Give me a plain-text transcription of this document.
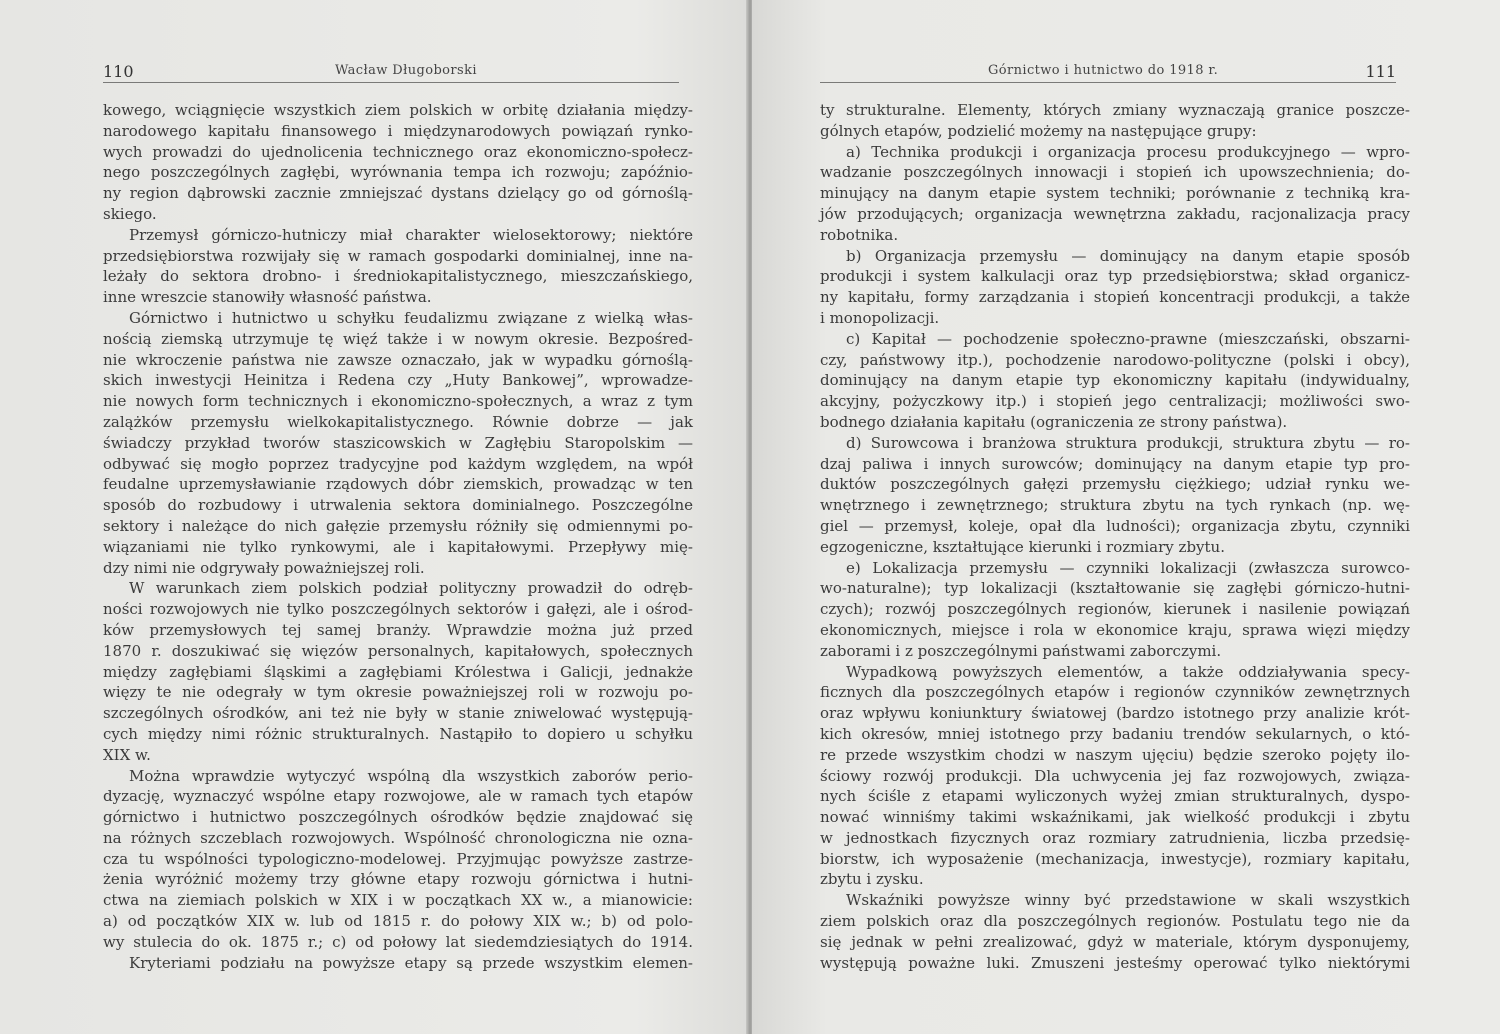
110	Wacław Długoborski
kowego, wciągnięcie wszystkich ziem polskich w orbitę działania między-
narodowego kapitału finansowego i międzynarodowych powiązań rynko-
wych prowadzi do ujednolicenia technicznego oraz ekonomiczno-społecz-
nego poszczególnych zagłębi, wyrównania tempa ich rozwoju; zapóźnio-
ny region dąbrowski zacznie zmniejszać dystans dzielący go od górnoślą-
skiego.
Przemysł górniczo-hutniczy miał charakter wielosektorowy; niektóre
przedsiębiorstwa rozwijały się w ramach gospodarki dominialnej, inne na-
leżały do sektora drobno- i średniokapitalistycznego, mieszczańskiego,
inne wreszcie stanowiły własność państwa.
Górnictwo i hutnictwo u schyłku feudalizmu związane z wielką włas-
nością ziemską utrzymuje tę więź także i w nowym okresie. Bezpośred-
nie wkroczenie państwa nie zawsze oznaczało, jak w wypadku górnoślą-
skich inwestycji Heinitza i Redena czy „Huty Bankowej”, wprowadze-
nie nowych form technicznych i ekonomiczno-społecznych, a wraz z tym
zalążków przemysłu wielkokapitalistycznego. Równie dobrze — jak
świadczy przykład tworów staszicowskich w Zagłębiu Staropolskim —
odbywać się mogło poprzez tradycyjne pod każdym względem, na wpół
feudalne uprzemysławianie rządowych dóbr ziemskich, prowadząc w ten
sposób do rozbudowy i utrwalenia sektora dominialnego. Poszczególne
sektory i należące do nich gałęzie przemysłu różniły się odmiennymi po-
wiązaniami nie tylko rynkowymi, ale i kapitałowymi. Przepływy mię-
dzy nimi nie odgrywały poważniejszej roli.
W warunkach ziem polskich podział polityczny prowadził do odręb-
ności rozwojowych nie tylko poszczególnych sektorów i gałęzi, ale i ośrod-
ków przemysłowych tej samej branży. Wprawdzie można już przed
1870 r. doszukiwać się więzów personalnych, kapitałowych, społecznych
między zagłębiami śląskimi a zagłębiami Królestwa i Galicji, jednakże
więzy te nie odegrały w tym okresie poważniejszej roli w rozwoju po-
szczególnych ośrodków, ani też nie były w stanie zniwelować występują-
cych między nimi różnic strukturalnych. Nastąpiło to dopiero u schyłku
XIX w.
Można wprawdzie wytyczyć wspólną dla wszystkich zaborów perio-
dyzację, wyznaczyć wspólne etapy rozwojowe, ale w ramach tych etapów
górnictwo i hutnictwo poszczególnych ośrodków będzie znajdować się
na różnych szczeblach rozwojowych. Wspólność chronologiczna nie ozna-
cza tu wspólności typologiczno-modelowej. Przyjmując powyższe zastrze-
żenia wyróżnić możemy trzy główne etapy rozwoju górnictwa i hutni-
ctwa na ziemiach polskich w XIX i w początkach XX w., a mianowicie:
a) od początków XIX w. lub od 1815 r. do połowy XIX w.; b) od polo-
wy stulecia do ok. 1875 r.; c) od połowy lat siedemdziesiątych do 1914.
Kryteriami podziału na powyższe etapy są przede wszystkim elemen-
Górnictwo i hutnictwo do 1918 r.	111
ty strukturalne. Elementy, których zmiany wyznaczają granice poszcze-
gólnych etapów, podzielić możemy na następujące grupy:
a) Technika produkcji i organizacja procesu produkcyjnego — wpro-
wadzanie poszczególnych innowacji i stopień ich upowszechnienia; do-
minujący na danym etapie system techniki; porównanie z techniką kra-
jów przodujących; organizacja wewnętrzna zakładu, racjonalizacja pracy
robotnika.
b) Organizacja przemysłu — dominujący na danym etapie sposób
produkcji i system kalkulacji oraz typ przedsiębiorstwa; skład organicz-
ny kapitału, formy zarządzania i stopień koncentracji produkcji, a także
i monopolizacji.
c) Kapitał — pochodzenie społeczno-prawne (mieszczański, obszarni-
czy, państwowy itp.), pochodzenie narodowo-polityczne (polski i obcy),
dominujący na danym etapie typ ekonomiczny kapitału (indywidualny,
akcyjny, pożyczkowy itp.) i stopień jego centralizacji; możliwości swo-
bodnego działania kapitału (ograniczenia ze strony państwa).
d) Surowcowa i branżowa struktura produkcji, struktura zbytu — ro-
dzaj paliwa i innych surowców; dominujący na danym etapie typ pro-
duktów poszczególnych gałęzi przemysłu ciężkiego; udział rynku we-
wnętrznego i zewnętrznego; struktura zbytu na tych rynkach (np. wę-
giel — przemysł, koleje, opał dla ludności); organizacja zbytu, czynniki
egzogeniczne, kształtujące kierunki i rozmiary zbytu.
e) Lokalizacja przemysłu — czynniki lokalizacji (zwłaszcza surowco-
wo-naturalne); typ lokalizacji (kształtowanie się zagłębi górniczo-hutni-
czych); rozwój poszczególnych regionów, kierunek i nasilenie powiązań
ekonomicznych, miejsce i rola w ekonomice kraju, sprawa więzi między
zaborami i z poszczególnymi państwami zaborczymi.
Wypadkową powyższych elementów, a także oddziaływania specy-
ficznych dla poszczególnych etapów i regionów czynników zewnętrznych
oraz wpływu koniunktury światowej (bardzo istotnego przy analizie krót-
kich okresów, mniej istotnego przy badaniu trendów sekularnych, o któ-
re przede wszystkim chodzi w naszym ujęciu) będzie szeroko pojęty ilo-
ściowy rozwój produkcji. Dla uchwycenia jej faz rozwojowych, związa-
nych ściśle z etapami wyliczonych wyżej zmian strukturalnych, dyspo-
nować winniśmy takimi wskaźnikami, jak wielkość produkcji i zbytu
w jednostkach fizycznych oraz rozmiary zatrudnienia, liczba przedsię-
biorstw, ich wyposażenie (mechanizacja, inwestycje), rozmiary kapitału,
zbytu i zysku.
Wskaźniki powyższe winny być przedstawione w skali wszystkich
ziem polskich oraz dla poszczególnych regionów. Postulatu tego nie da
się jednak w pełni zrealizować, gdyż w materiale, którym dysponujemy,
występują poważne luki. Zmuszeni jesteśmy operować tylko niektórymi
